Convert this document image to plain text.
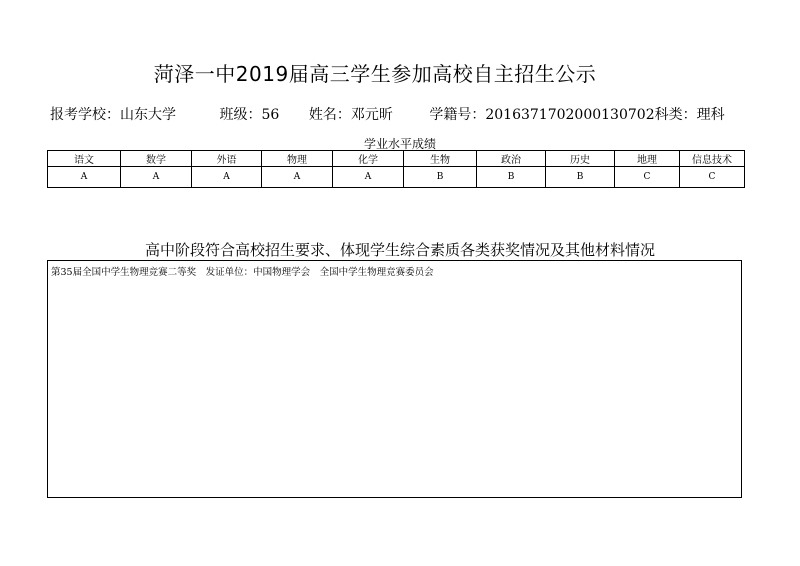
菏泽一中2019届高三学生参加高校自主招生公示
报考学校：山东大学	班级：56 姓名：邓元昕	学籍号：2016371702000130702科类：理科
学业水平成绩
语文	数学	外语	物理	化学	生物	政治	历史	地理	信息技术
A	A	A	A	A	B	B	B	C	C
高中阶段符合高校招生要求、体现学生综合素质各类获奖情况及其他材料情况
第35届全国中学生物理竞赛二等奖　发证单位：中国物理学会　全国中学生物理竞赛委员会
